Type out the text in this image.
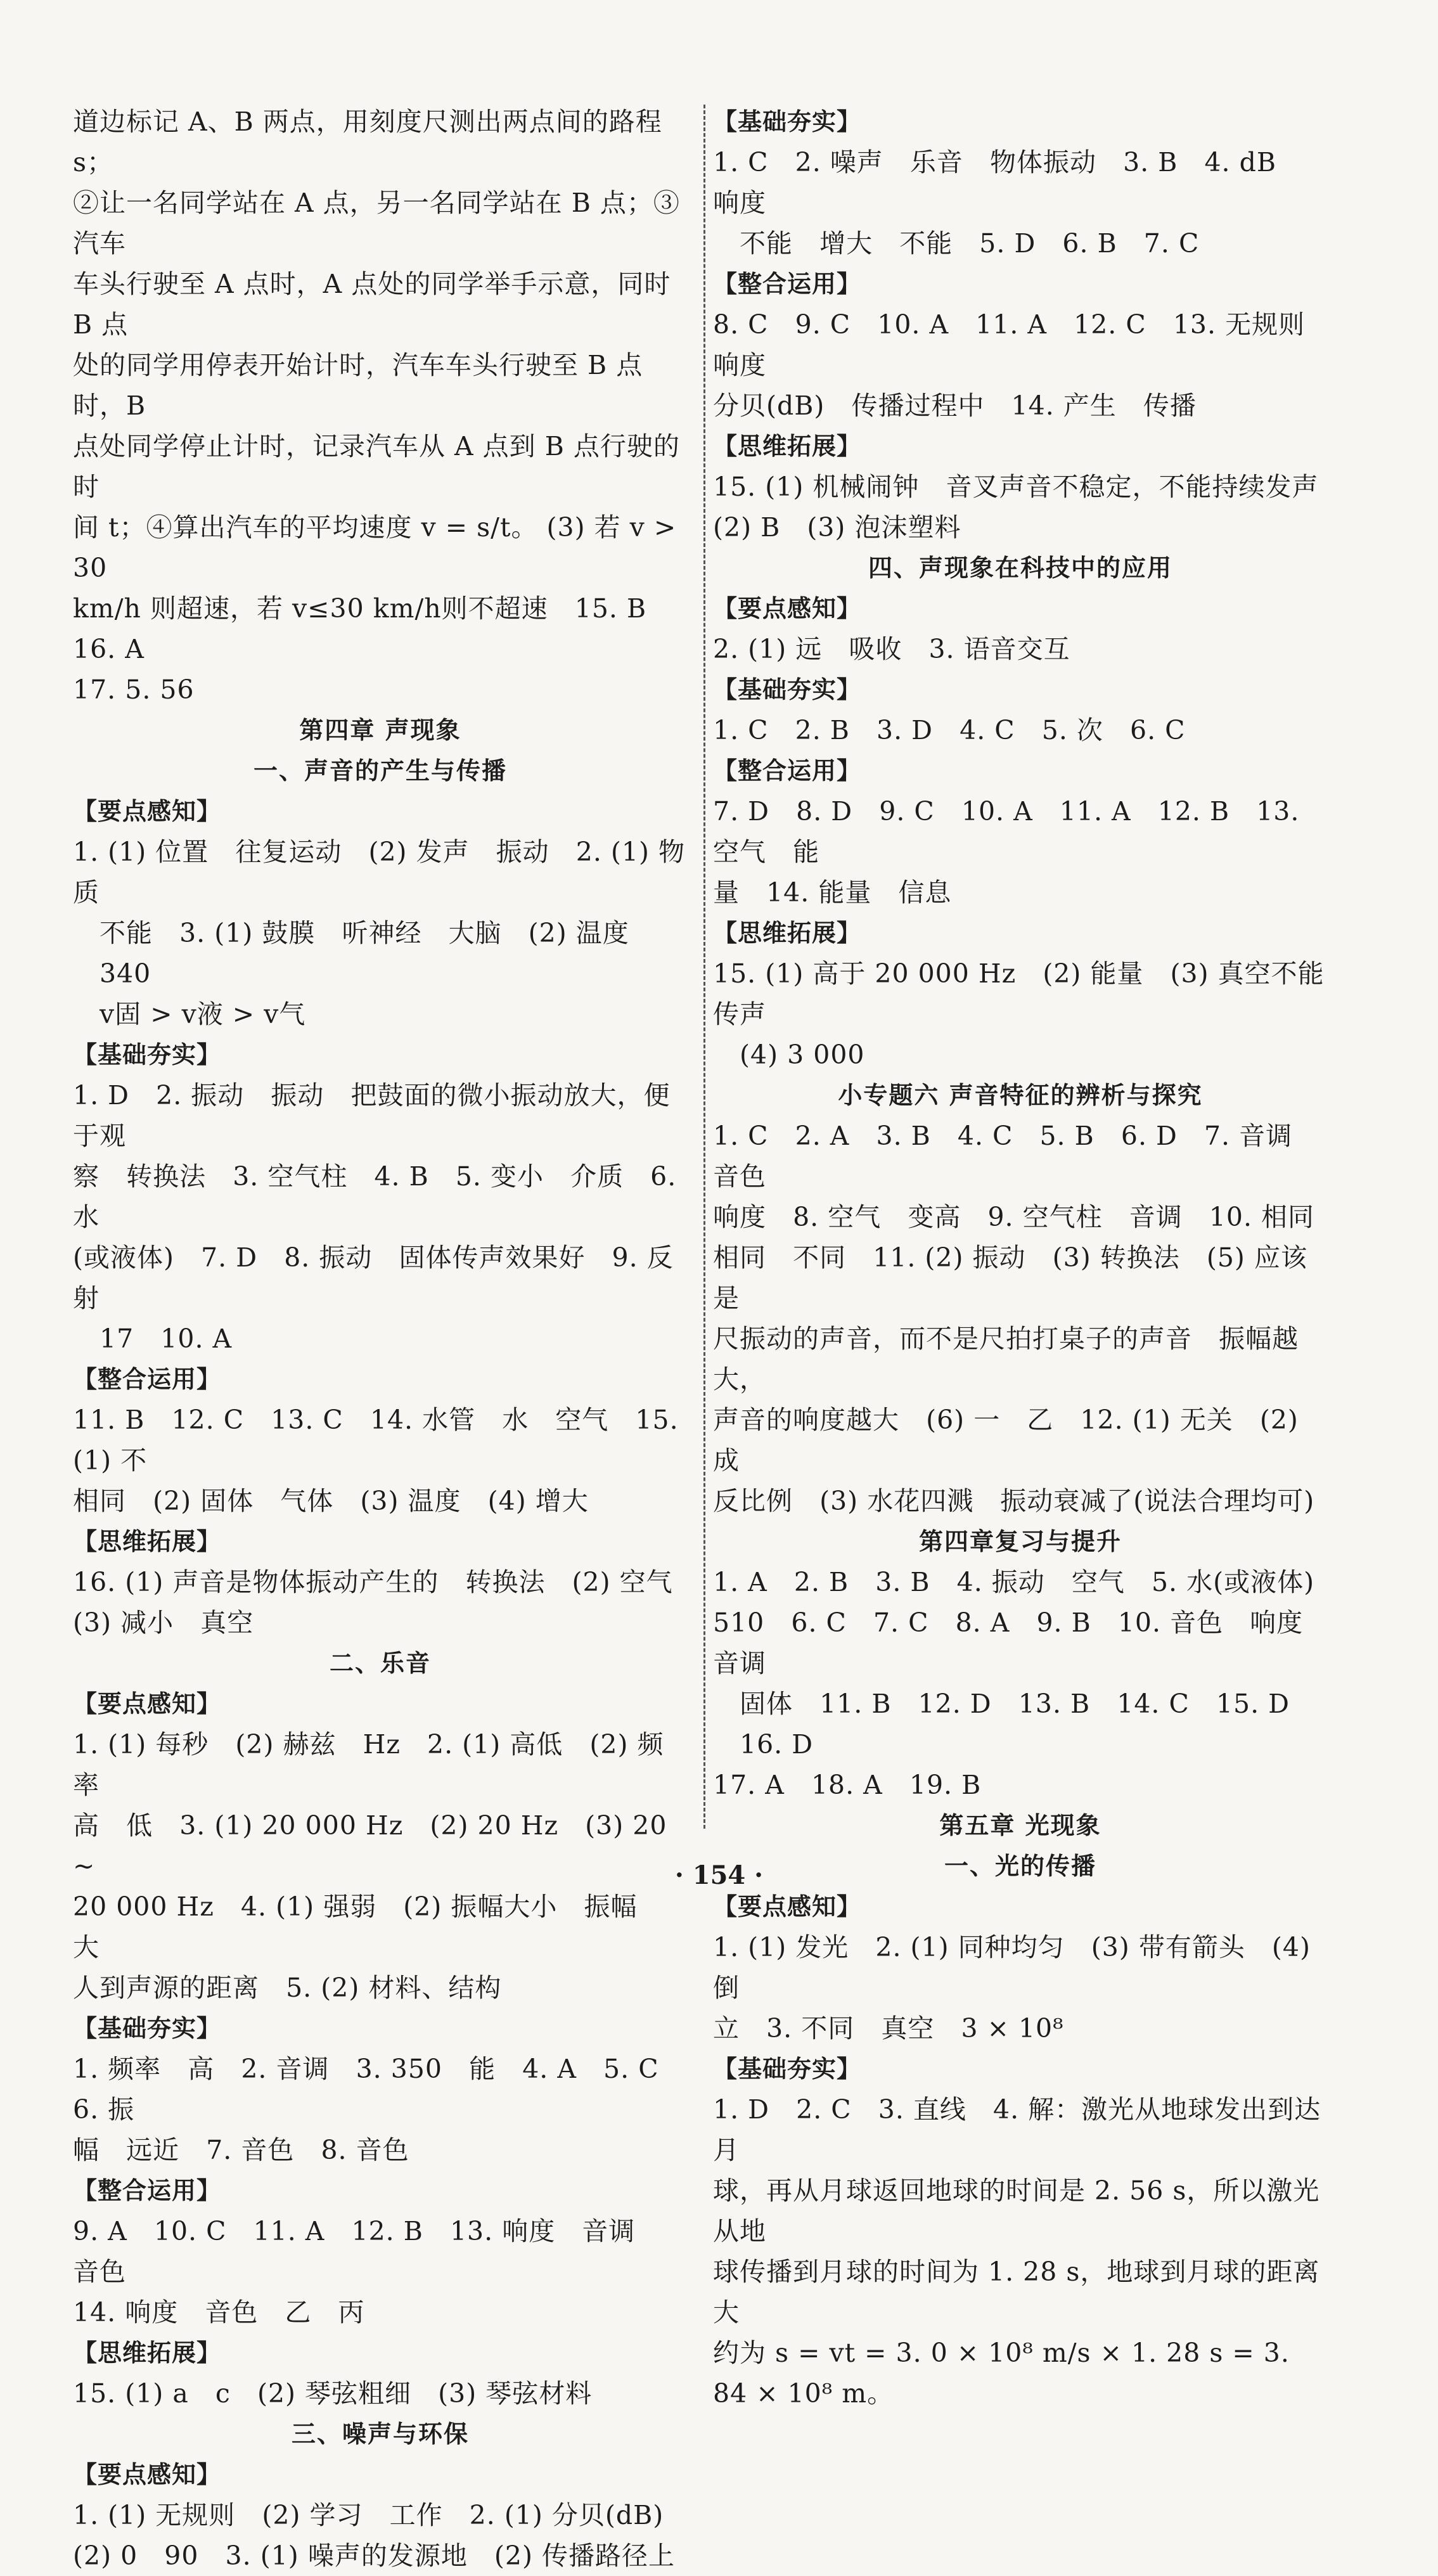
道边标记 A、B 两点，用刻度尺测出两点间的路程 s；
②让一名同学站在 A 点，另一名同学站在 B 点；③汽车
车头行驶至 A 点时，A 点处的同学举手示意，同时 B 点
处的同学用停表开始计时，汽车车头行驶至 B 点时，B
点处同学停止计时，记录汽车从 A 点到 B 点行驶的时
间 t；④算出汽车的平均速度 v = s/t。 (3) 若 v > 30
km/h 则超速，若 v≤30 km/h则不超速   15. B   16. A
17. 5. 56
第四章 声现象
一、声音的产生与传播
【要点感知】
1. (1) 位置   往复运动   (2) 发声   振动   2. (1) 物质
不能   3. (1) 鼓膜   听神经   大脑   (2) 温度   340
v固 > v液 > v气
【基础夯实】
1. D   2. 振动   振动   把鼓面的微小振动放大，便于观
察   转换法   3. 空气柱   4. B   5. 变小   介质   6. 水
(或液体)   7. D   8. 振动   固体传声效果好   9. 反射
17   10. A
【整合运用】
11. B   12. C   13. C   14. 水管   水   空气   15. (1) 不
相同   (2) 固体   气体   (3) 温度   (4) 增大
【思维拓展】
16. (1) 声音是物体振动产生的   转换法   (2) 空气
(3) 减小   真空
二、乐音
【要点感知】
1. (1) 每秒   (2) 赫兹   Hz   2. (1) 高低   (2) 频率
高   低   3. (1) 20 000 Hz   (2) 20 Hz   (3) 20 ~
20 000 Hz   4. (1) 强弱   (2) 振幅大小   振幅   大
人到声源的距离   5. (2) 材料、结构
【基础夯实】
1. 频率   高   2. 音调   3. 350   能   4. A   5. C   6. 振
幅   远近   7. 音色   8. 音色
【整合运用】
9. A   10. C   11. A   12. B   13. 响度   音调   音色
14. 响度   音色   乙   丙
【思维拓展】
15. (1) a   c   (2) 琴弦粗细   (3) 琴弦材料
三、噪声与环保
【要点感知】
1. (1) 无规则   (2) 学习   工作   2. (1) 分贝(dB)
(2) 0   90   3. (1) 噪声的发源地   (2) 传播路径上
【基础夯实】
1. C   2. 噪声   乐音   物体振动   3. B   4. dB   响度
不能   增大   不能   5. D   6. B   7. C
【整合运用】
8. C   9. C   10. A   11. A   12. C   13. 无规则   响度
分贝(dB)   传播过程中   14. 产生   传播
【思维拓展】
15. (1) 机械闹钟   音叉声音不稳定，不能持续发声
(2) B   (3) 泡沫塑料
四、声现象在科技中的应用
【要点感知】
2. (1) 远   吸收   3. 语音交互
【基础夯实】
1. C   2. B   3. D   4. C   5. 次   6. C
【整合运用】
7. D   8. D   9. C   10. A   11. A   12. B   13. 空气   能
量   14. 能量   信息
【思维拓展】
15. (1) 高于 20 000 Hz   (2) 能量   (3) 真空不能传声
(4) 3 000
小专题六 声音特征的辨析与探究
1. C   2. A   3. B   4. C   5. B   6. D   7. 音调   音色
响度   8. 空气   变高   9. 空气柱   音调   10. 相同
相同   不同   11. (2) 振动   (3) 转换法   (5) 应该是
尺振动的声音，而不是尺拍打桌子的声音   振幅越大，
声音的响度越大   (6) 一   乙   12. (1) 无关   (2) 成
反比例   (3) 水花四溅   振动衰减了(说法合理均可)
第四章复习与提升
1. A   2. B   3. B   4. 振动   空气   5. 水(或液体)
510   6. C   7. C   8. A   9. B   10. 音色   响度   音调
固体   11. B   12. D   13. B   14. C   15. D   16. D
17. A   18. A   19. B
第五章 光现象
一、光的传播
【要点感知】
1. (1) 发光   2. (1) 同种均匀   (3) 带有箭头   (4) 倒
立   3. 不同   真空   3 × 10⁸
【基础夯实】
1. D   2. C   3. 直线   4. 解：激光从地球发出到达月
球，再从月球返回地球的时间是 2. 56 s，所以激光从地
球传播到月球的时间为 1. 28 s，地球到月球的距离大
约为 s = vt = 3. 0 × 10⁸ m/s × 1. 28 s = 3. 84 × 10⁸ m。
· 154 ·
